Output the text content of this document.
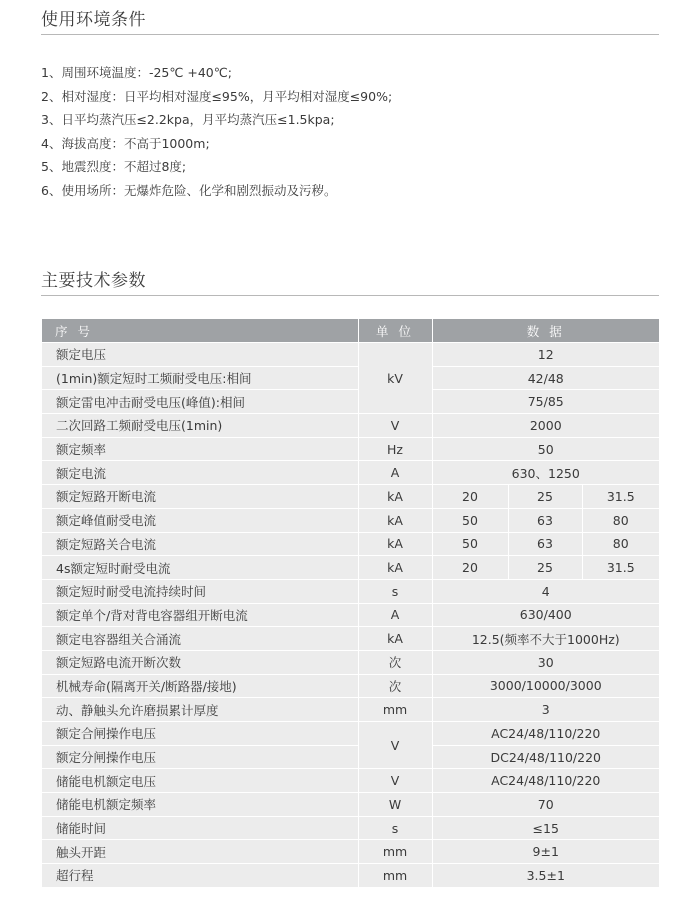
使用环境条件
1、周围环境温度：-25℃ +40℃;
2、相对湿度：日平均相对湿度≤95%，月平均相对湿度≤90%;
3、日平均蒸汽压≤2.2kpa，月平均蒸汽压≤1.5kpa;
4、海拔高度：不高于1000m;
5、地震烈度：不超过8度;
6、使用场所：无爆炸危险、化学和剧烈振动及污秽。
主要技术参数
序 号	单 位	数 据		
额定电压	kV	12		
(1min)额定短时工频耐受电压:相间		42/48		
额定雷电冲击耐受电压(峰值):相间		75/85		
二次回路工频耐受电压(1min)	V	2000		
额定频率	Hz	50		
额定电流	A	630、1250		
额定短路开断电流	kA	20	25	31.5
额定峰值耐受电流	kA	50	63	80
额定短路关合电流	kA	50	63	80
4s额定短时耐受电流	kA	20	25	31.5
额定短时耐受电流持续时间	s	4		
额定单个/背对背电容器组开断电流	A	630/400		
额定电容器组关合涌流	kA	12.5(频率不大于1000Hz)		
额定短路电流开断次数	次	30		
机械寿命(隔离开关/断路器/接地)	次	3000/10000/3000		
动、静触头允许磨损累计厚度	mm	3		
额定合闸操作电压	V	AC24/48/110/220		
额定分闸操作电压		DC24/48/110/220		
储能电机额定电压	V	AC24/48/110/220		
储能电机额定频率	W	70		
储能时间	s	≤15		
触头开距	mm	9±1		
超行程	mm	3.5±1		
